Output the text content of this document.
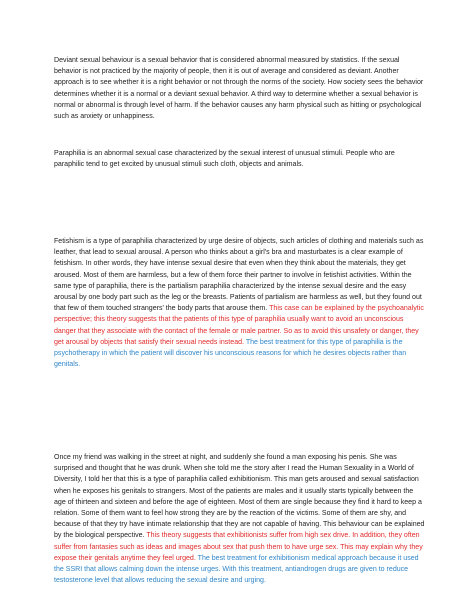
Deviant sexual behaviour is a sexual behavior that is considered abnormal measured by statistics. If the sexual behavior is not practiced by the majority of people, then it is out of average and considered as deviant. Another approach is to see whether it is a right behavior or not through the norms of the society. How society sees the behavior determines whether it is a normal or a deviant sexual behavior. A third way to determine whether a sexual behavior is normal or abnormal is through level of harm. If the behavior causes any harm physical such as hitting or psychological such as anxiety or unhappiness.

Paraphilia is an abnormal sexual case characterized by the sexual interest of unusual stimuli. People who are paraphilic tend to get excited by unusual stimuli such cloth, objects and animals.

Fetishism is a type of paraphilia characterized by urge desire of objects, such articles of clothing and materials such as leather, that lead to sexual arousal. A person who thinks about a girl's bra and masturbates is a clear example of fetishism. In other words, they have intense sexual desire that even when they think about the materials, they get aroused. Most of them are harmless, but a few of them force their partner to involve in fetishist activities. Within the same type of paraphilia, there is the partialism paraphilia characterized by the intense sexual desire and the easy arousal by one body part such as the leg or the breasts. Patients of partialism are harmless as well, but they found out that few of them touched strangers' the body parts that arouse them. This case can be explained by the psychoanalytic perspective; this theory suggests that the patients of this type of paraphilia usually want to avoid an unconscious danger that they associate with the contact of the female or male partner. So as to avoid this unsafety or danger, they get arousal by objects that satisfy their sexual needs instead. The best treatment for this type of paraphilia is the psychotherapy in which the patient will discover his unconscious reasons for which he desires objects rather than genitals.

Once my friend was walking in the street at night, and suddenly she found a man exposing his penis. She was surprised and thought that he was drunk. When she told me the story after I read the Human Sexuality in a World of Diversity, I told her that this is a type of paraphilia called exhibitionism. This man gets aroused and sexual satisfaction when he exposes his genitals to strangers. Most of the patients are males and it usually starts typically between the age of thirteen and sixteen and before the age of eighteen. Most of them are single because they find it hard to keep a relation. Some of them want to feel how strong they are by the reaction of the victims. Some of them are shy, and because of that they try have intimate relationship that they are not capable of having. This behaviour can be explained by the biological perspective. This theory suggests that exhibitionists suffer from high sex drive. In addition, they often suffer from fantasies such as ideas and images about sex that push them to have urge sex. This may explain why they expose their genitals anytime they feel urged. The best treatment for exhibitionism medical approach because it used the SSRI that allows calming down the intense urges. With this treatment, antiandrogen drugs are given to reduce testosterone level that allows reducing the sexual desire and urging.
